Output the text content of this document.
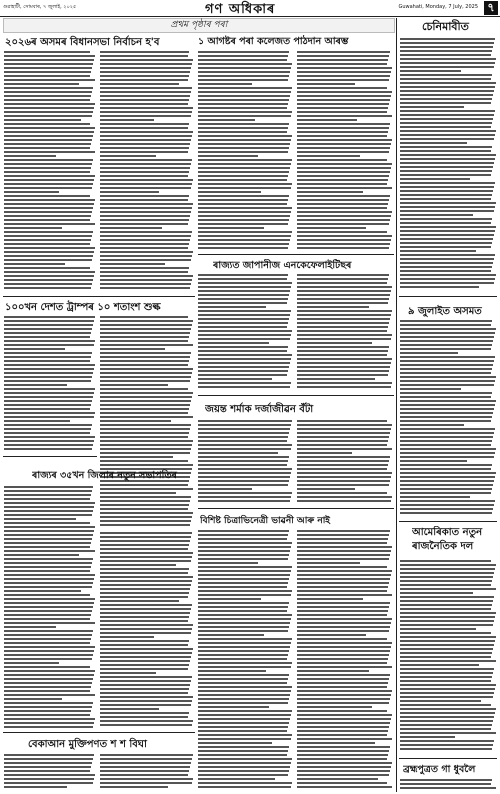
গুৱাহাটী, সোমবাৰ, ৭ জুলাই, ২০২৫	গণ অধিকাৰ	Guwahati, Monday, 7 July, 2025 ৭
প্ৰথম পৃষ্ঠাৰ পৰা
২০২৬ৰ অসমৰ বিধানসভা নিৰ্বাচন হ'ব	১ আগষ্টৰ পৰা কলেজত পাঠদান আৰম্ভ
চেনিমাবীত
১০০খন দেশত ট্ৰাম্পৰ ১০ শতাংশ শুল্ক
ৰাজ্যত জাপানীজ এনকেফেলাইটিছৰ
ৰাজ্যৰ ৩৫খন জিলাৰ নতুন সভাপতিৰ
জয়ন্ত শৰ্মাক দৰ্জাজীৱন বঁটা
৯ জুলাইত অসমত
বিশিষ্ট চিত্ৰাভিনেত্ৰী ভাৱনী আৰু নাই
বেকাআন মুক্তিপণত শ শ বিঘা
আমেৰিকাত নতুন ৰাজনৈতিক দল
ব্ৰহ্মপুত্ৰত গা ধুবলৈ
